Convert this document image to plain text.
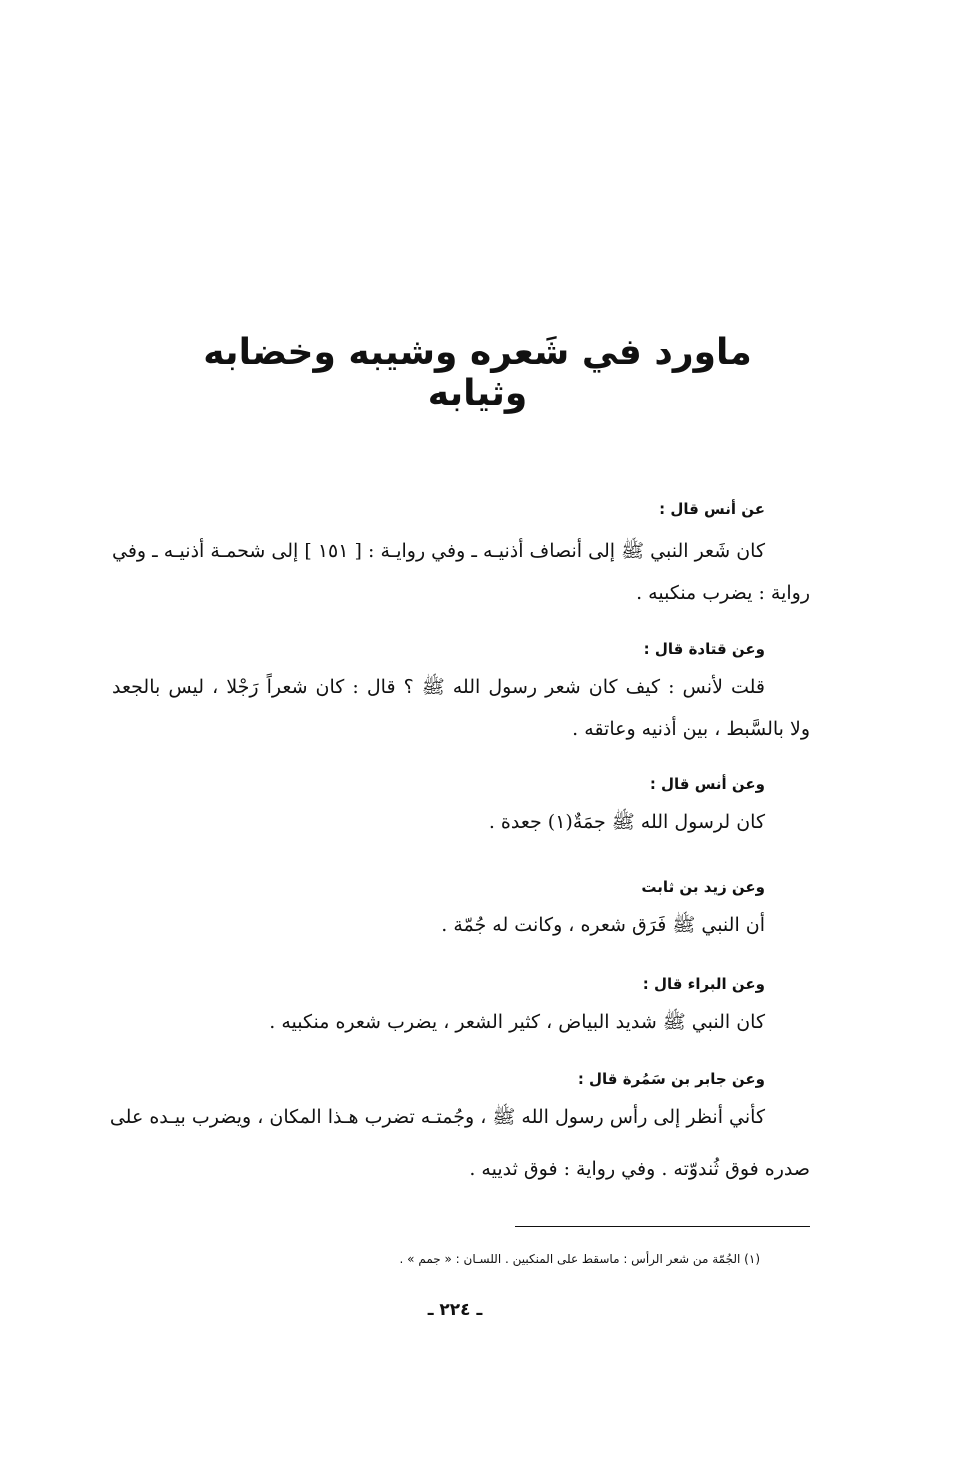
ماورد في شَعره وشيبه وخضابه وثيابه
عن أنس قال :
كان شَعر النبي ﷺ إلى أنصاف أذنيـه ـ وفي روايـة : [ ١٥١ ] إلى شحمـة أذنيـه ـ وفي
رواية : يضرب منكبيه .
وعن قتادة قال :
قلت لأنس : كيف كان شعر رسول الله ﷺ ؟ قال : كان شعراً رَجْلا ، ليس بالجعد
ولا بالسَّبط ، بين أذنيه وعاتقه .
وعن أنس قال :
كان لرسول الله ﷺ جمَةٌ(١) جعدة .
وعن زيد بن ثابت
أن النبي ﷺ فَرَق شعره ، وكانت له جُمّة .
وعن البراء قال :
كان النبي ﷺ شديد البياض ، كثير الشعر ، يضرب شعره منكبيه .
وعن جابر بن سَمُرة قال :
كأني أنظر إلى رأس رسول الله ﷺ ، وجُمتـه تضرب هـذا المكان ، ويضرب بيـده على
صدره فوق ثُندوّته . وفي رواية : فوق ثدييه .
(١) الجُمّة من شعر الرأس : ماسقط على المنكبين . اللسـان : « جمم » .
ـ ٢٢٤ ـ
